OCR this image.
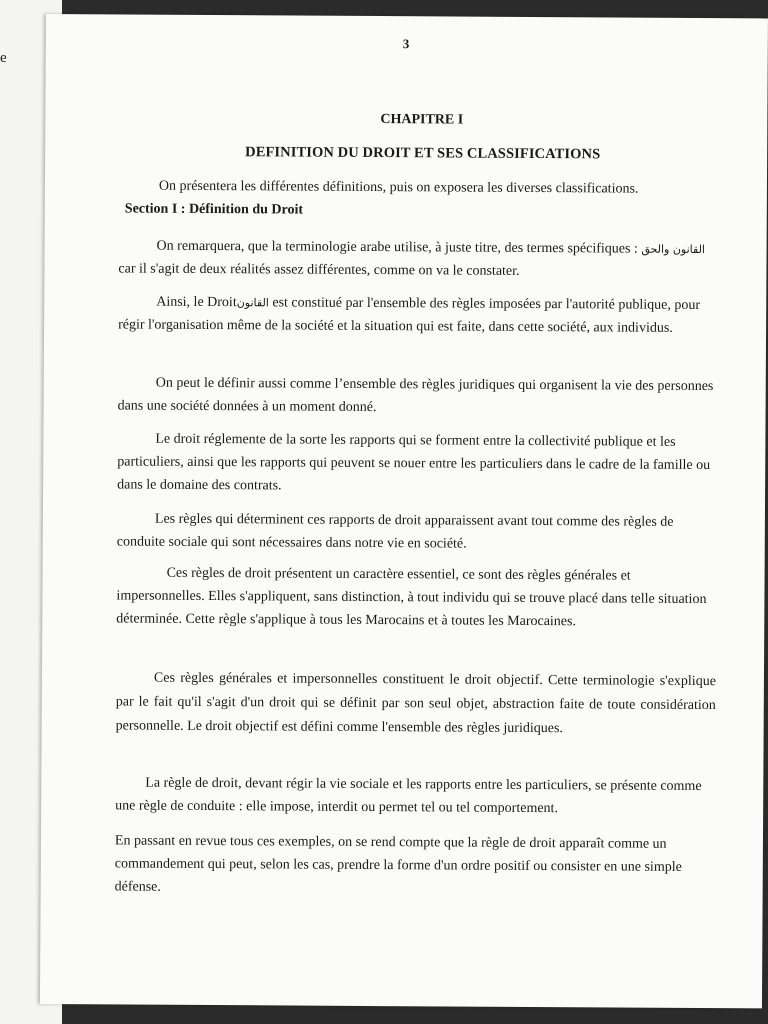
e
3
CHAPITRE I
DEFINITION DU DROIT ET SES CLASSIFICATIONS

On présentera les différentes définitions, puis on exposera les diverses classifications.

Section I : Définition du Droit

On remarquera, que la terminologie arabe utilise, à juste titre, des termes spécifiques : القانون والحق car il s'agit de deux réalités assez différentes, comme on va le constater.

Ainsi, le Droitالقانون est constitué par l'ensemble des règles imposées par l'autorité publique, pour régir l'organisation même de la société et la situation qui est faite, dans cette société, aux individus.

On peut le définir aussi comme l’ensemble des règles juridiques qui organisent la vie des personnes dans une société données à un moment donné.

Le droit réglemente de la sorte les rapports qui se forment entre la collectivité publique et les particuliers, ainsi que les rapports qui peuvent se nouer entre les particuliers dans le cadre de la famille ou dans le domaine des contrats.

Les règles qui déterminent ces rapports de droit apparaissent avant tout comme des règles de conduite sociale qui sont nécessaires dans notre vie en société.

Ces règles de droit présentent un caractère essentiel, ce sont des règles générales et impersonnelles. Elles s'appliquent, sans distinction, à tout individu qui se trouve placé dans telle situation déterminée. Cette règle s'applique à tous les Marocains et à toutes les Marocaines.

Ces règles générales et impersonnelles constituent le droit objectif. Cette terminologie s'explique par le fait qu'il s'agit d'un droit qui se définit par son seul objet, abstraction faite de toute considération personnelle. Le droit objectif est défini comme l'ensemble des règles juridiques.

La règle de droit, devant régir la vie sociale et les rapports entre les particuliers, se présente comme une règle de conduite : elle impose, interdit ou permet tel ou tel comportement.

En passant en revue tous ces exemples, on se rend compte que la règle de droit apparaît comme un commandement qui peut, selon les cas, prendre la forme d'un ordre positif ou consister en une simple défense.
